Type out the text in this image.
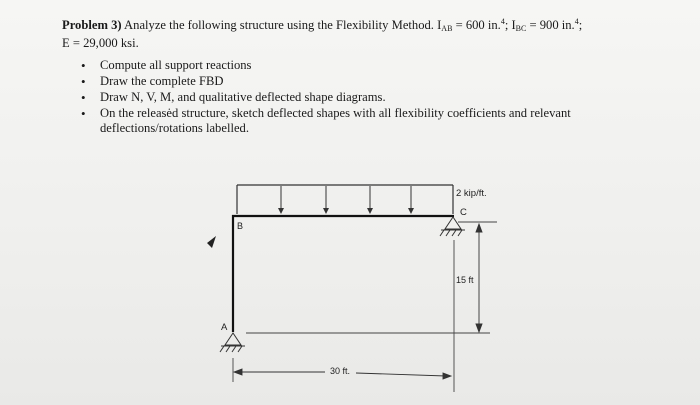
Problem 3) Analyze the following structure using the Flexibility Method. $I_{AB} = 600$ in.$^4$; $I_{BC} = 900$ in.$^4$;
E = 29,000 ksi.
• Compute all support reactions
• Draw the complete FBD
• Draw N, V, M, and qualitative deflected shape diagrams.
• On the releasėd structure, sketch deflected shapes with all flexibility coefficients and relevant deflections/rotations labelled.
2 kip/ft.
B
C
A
15 ft
30 ft.
